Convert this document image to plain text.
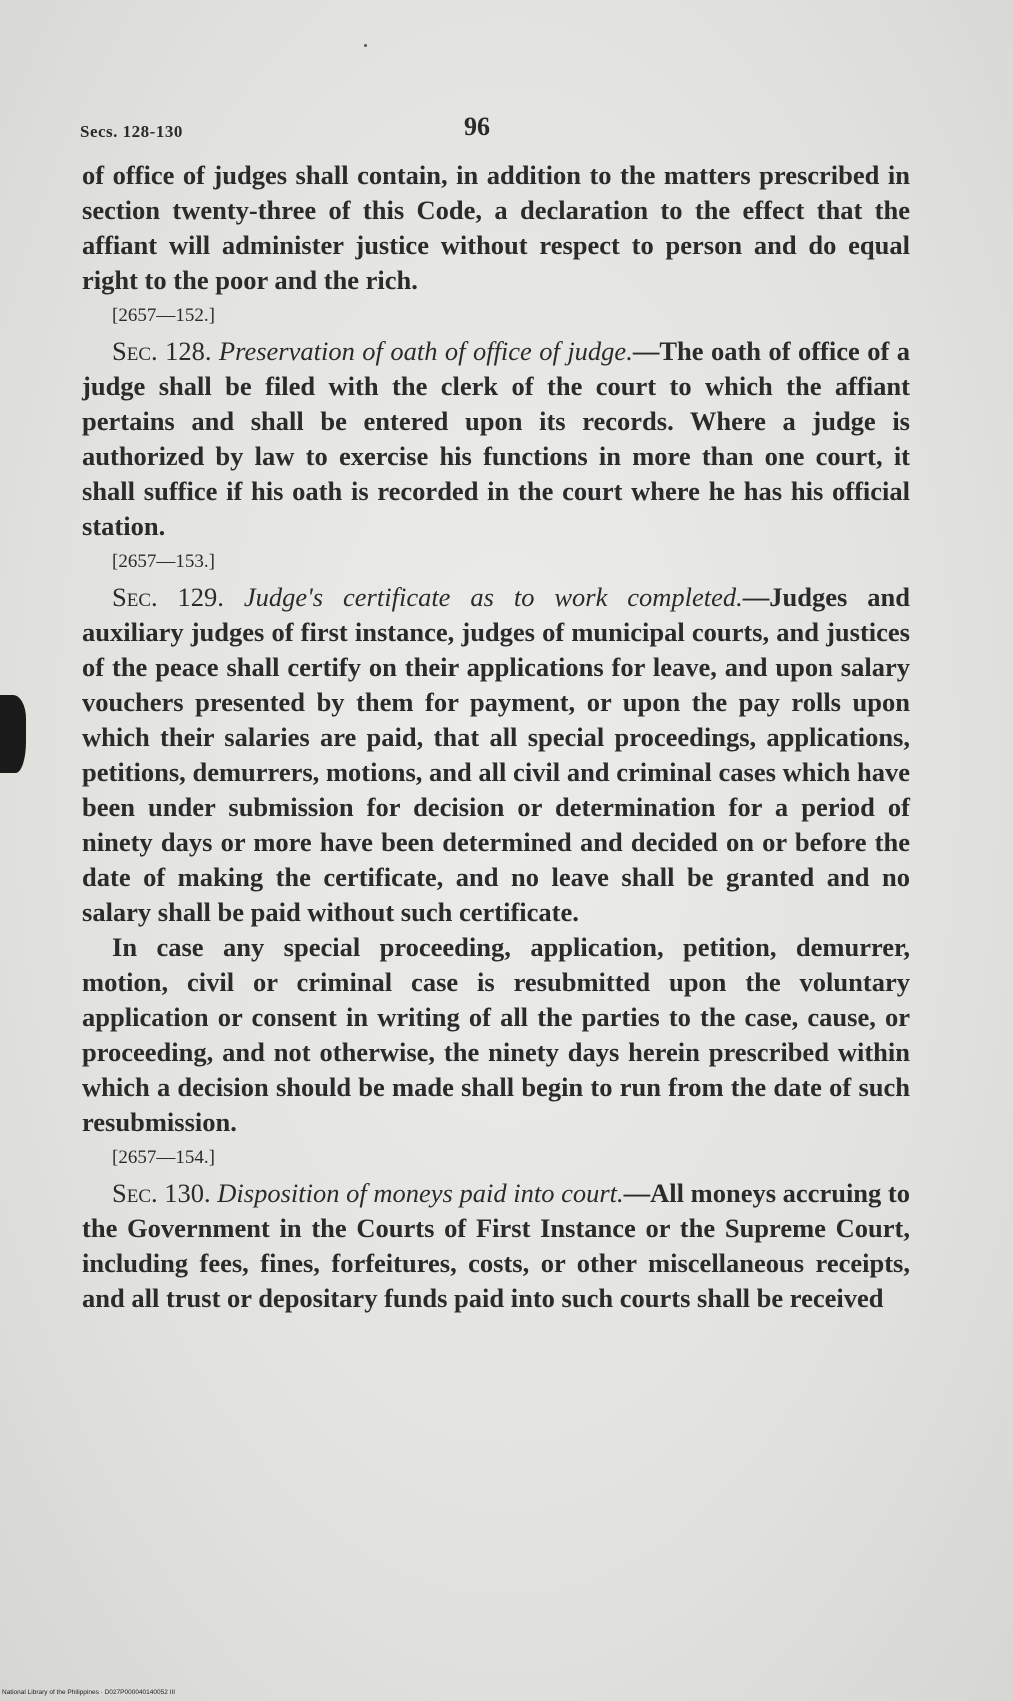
Secs. 128-130	96

of office of judges shall contain, in addition to the matters prescribed in section twenty-three of this Code, a declaration to the effect that the affiant will administer justice without respect to person and do equal right to the poor and the rich.

[2657—152.]

Sec. 128. Preservation of oath of office of judge.—The oath of office of a judge shall be filed with the clerk of the court to which the affiant pertains and shall be entered upon its records. Where a judge is authorized by law to exercise his functions in more than one court, it shall suffice if his oath is recorded in the court where he has his official station.

[2657—153.]

Sec. 129. Judge's certificate as to work completed.—Judges and auxiliary judges of first instance, judges of municipal courts, and justices of the peace shall certify on their applications for leave, and upon salary vouchers presented by them for payment, or upon the pay rolls upon which their salaries are paid, that all special proceedings, applications, petitions, demurrers, motions, and all civil and criminal cases which have been under submission for decision or determination for a period of ninety days or more have been determined and decided on or before the date of making the certificate, and no leave shall be granted and no salary shall be paid without such certificate.

In case any special proceeding, application, petition, demurrer, motion, civil or criminal case is resubmitted upon the voluntary application or consent in writing of all the parties to the case, cause, or proceeding, and not otherwise, the ninety days herein prescribed within which a decision should be made shall begin to run from the date of such resubmission.

[2657—154.]

Sec. 130. Disposition of moneys paid into court.—All moneys accruing to the Government in the Courts of First Instance or the Supreme Court, including fees, fines, forfeitures, costs, or other miscellaneous receipts, and all trust or depositary funds paid into such courts shall be received

National Library of the Philippines · D027P000040140052 III
